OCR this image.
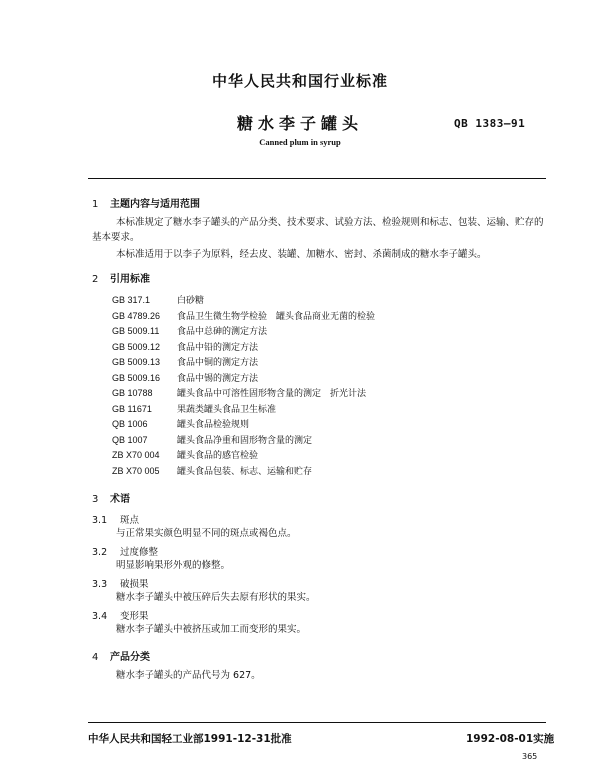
中华人民共和国行业标准
糖水李子罐头	QB 1383—91
Canned plum in syrup
1 主题内容与适用范围
本标准规定了糖水李子罐头的产品分类、技术要求、试验方法、检验规则和标志、包装、运输、贮存的
基本要求。
本标准适用于以李子为原料，经去皮、装罐、加糖水、密封、杀菌制成的糖水李子罐头。
2 引用标准
GB 317.1	白砂糖
GB 4789.26 食品卫生微生物学检验　罐头食品商业无菌的检验
GB 5009.11 食品中总砷的测定方法
GB 5009.12 食品中铅的测定方法
GB 5009.13 食品中铜的测定方法
GB 5009.16 食品中锡的测定方法
GB 10788	罐头食品中可溶性固形物含量的测定　折光计法
GB 11671	果蔬类罐头食品卫生标准
QB 1006	罐头食品检验规则
QB 1007	罐头食品净重和固形物含量的测定
ZB X70 004 罐头食品的感官检验
ZB X70 005 罐头食品包装、标志、运输和贮存
3 术语
3.1 斑点
与正常果实颜色明显不同的斑点或褐色点。
3.2 过度修整
明显影响果形外观的修整。
3.3 破损果
糖水李子罐头中被压碎后失去原有形状的果实。
3.4 变形果
糖水李子罐头中被挤压或加工而变形的果实。
4 产品分类
糖水李子罐头的产品代号为 627。
中华人民共和国轻工业部1991-12-31批准	1992-08-01实施
365
